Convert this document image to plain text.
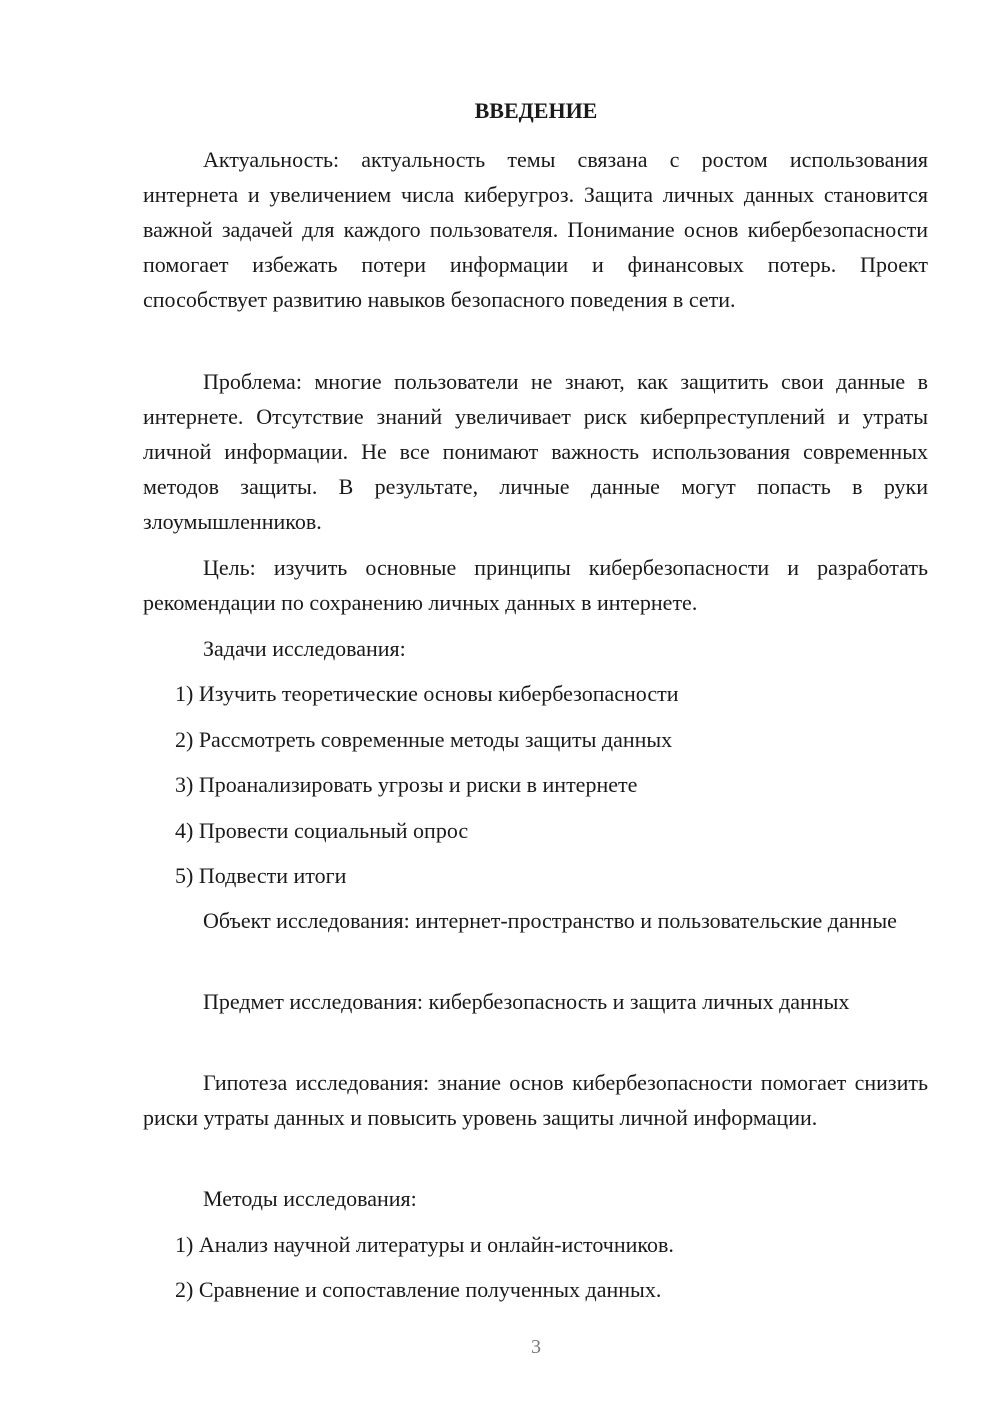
ВВЕДЕНИЕ

Актуальность: актуальность темы связана с ростом использования интернета и увеличением числа киберугроз. Защита личных данных становится важной задачей для каждого пользователя. Понимание основ кибербезопасности помогает избежать потери информации и финансовых потерь. Проект способствует развитию навыков безопасного поведения в сети.

Проблема: многие пользователи не знают, как защитить свои данные в интернете. Отсутствие знаний увеличивает риск киберпреступлений и утраты личной информации. Не все понимают важность использования современных методов защиты. В результате, личные данные могут попасть в руки злоумышленников.

Цель: изучить основные принципы кибербезопасности и разработать рекомендации по сохранению личных данных в интернете.

Задачи исследования:

1) Изучить теоретические основы кибербезопасности

2) Рассмотреть современные методы защиты данных

3) Проанализировать угрозы и риски в интернете

4) Провести социальный опрос

5) Подвести итоги

Объект исследования: интернет-пространство и пользовательские данные

Предмет исследования: кибербезопасность и защита личных данных

Гипотеза исследования: знание основ кибербезопасности помогает снизить риски утраты данных и повысить уровень защиты личной информации.

Методы исследования:

1) Анализ научной литературы и онлайн-источников.

2) Сравнение и сопоставление полученных данных.

3
